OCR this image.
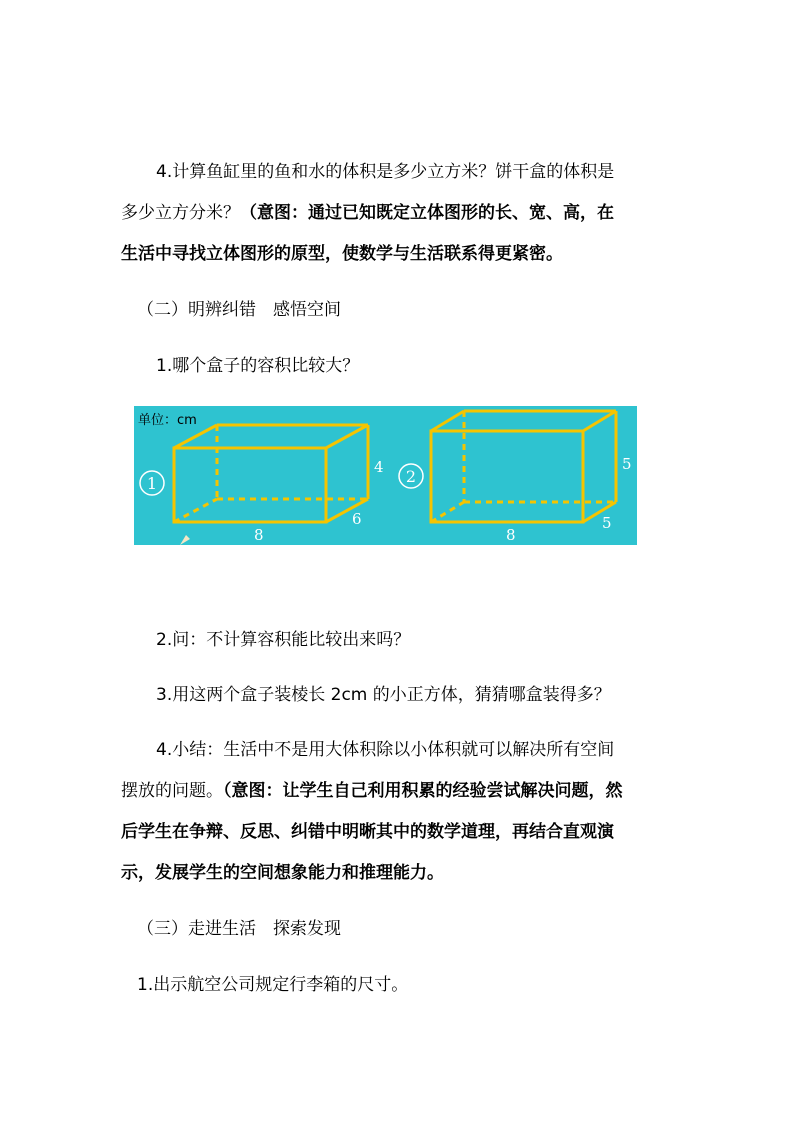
4.计算鱼缸里的鱼和水的体积是多少立方米？饼干盒的体积是
多少立方分米？（意图：通过已知既定立体图形的长、宽、高，在
生活中寻找立体图形的原型，使数学与生活联系得更紧密。
（二）明辨纠错　感悟空间
1.哪个盒子的容积比较大？
单位：cm
1	2
8
6
4
8
5
5
2.问：不计算容积能比较出来吗？
3.用这两个盒子装棱长 2cm 的小正方体，猜猜哪盒装得多？
4.小结：生活中不是用大体积除以小体积就可以解决所有空间
摆放的问题。（意图：让学生自己利用积累的经验尝试解决问题，然
后学生在争辩、反思、纠错中明晰其中的数学道理，再结合直观演
示，发展学生的空间想象能力和推理能力。
（三）走进生活　探索发现
1.出示航空公司规定行李箱的尺寸。
